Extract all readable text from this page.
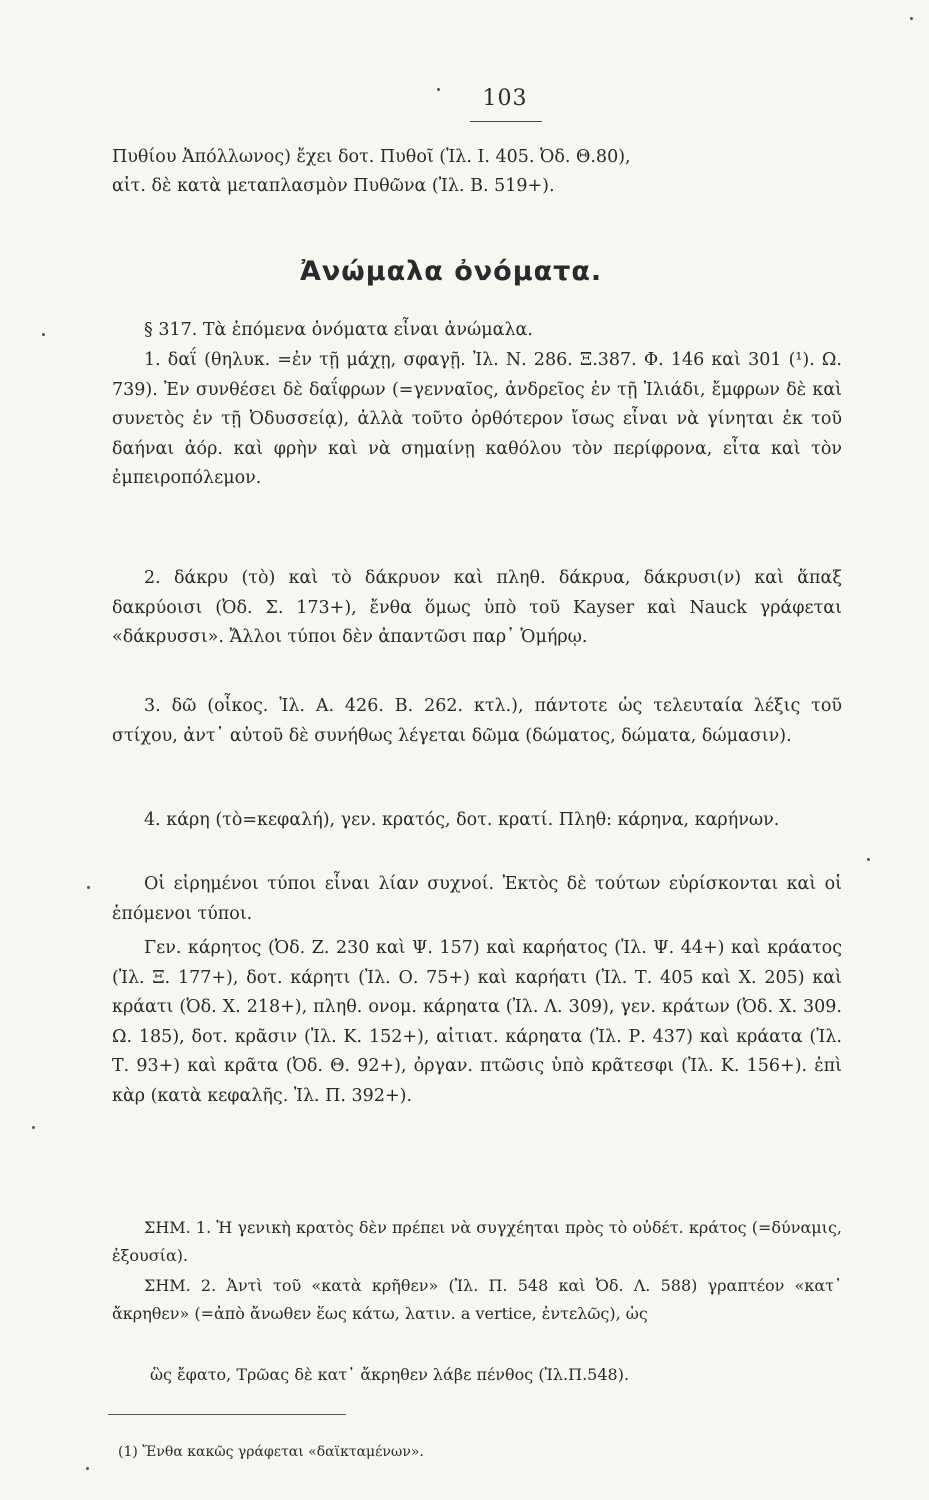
103

Πυθίου Ἀπόλλωνος) ἔχει δοτ. Πυθοῖ (Ἰλ. Ι. 405. Ὀδ. Θ.80),

αἰτ. δὲ κατὰ μεταπλασμὸν Πυθῶνα (Ἰλ. Β. 519+).

Ἀνώμαλα ὀνόματα.

§ 317. Τὰ ἑπόμενα ὀνόματα εἶναι ἀνώμαλα.

1. δαΐ (θηλυκ. =ἐν τῇ μάχῃ, σφαγῇ. Ἰλ. Ν. 286. Ξ.387. Φ. 146 καὶ 301 (¹). Ω. 739). Ἐν συνθέσει δὲ δαΐφρων (=γενναῖος, ἀνδρεῖος ἐν τῇ Ἰλιάδι, ἔμφρων δὲ καὶ συνετὸς ἐν τῇ Ὀδυσσείᾳ), ἀλλὰ τοῦτο ὀρθότερον ἴσως εἶναι νὰ γίνηται ἐκ τοῦ δαήναι ἀόρ. καὶ φρὴν καὶ νὰ σημαίνῃ καθόλου τὸν περίφρονα, εἶτα καὶ τὸν ἐμπειροπόλεμον.

2. δάκρυ (τὸ) καὶ τὸ δάκρυον καὶ πληθ. δάκρυα, δάκρυσι(ν) καὶ ἅπαξ δακρύοισι (Ὀδ. Σ. 173+), ἔνθα ὅμως ὑπὸ τοῦ Kayser καὶ Nauck γράφεται «δάκρυσσι». Ἄλλοι τύποι δὲν ἀπαντῶσι παρ᾽ Ὁμήρῳ.

3. δῶ (οἶκος. Ἰλ. Α. 426. Β. 262. κτλ.), πάντοτε ὡς τελευταία λέξις τοῦ στίχου, ἀντ᾽ αὐτοῦ δὲ συνήθως λέγεται δῶμα (δώματος, δώματα, δώμασιν).

4. κάρη (τὸ=κεφαλή), γεν. κρατός, δοτ. κρατί. Πληθ: κάρηνα, καρήνων.

Οἱ εἰρημένοι τύποι εἶναι λίαν συχνοί. Ἐκτὸς δὲ τούτων εὑρίσκονται καὶ οἱ ἑπόμενοι τύποι.

Γεν. κάρητος (Ὀδ. Ζ. 230 καὶ Ψ. 157) καὶ καρήατος (Ἰλ. Ψ. 44+) καὶ κράατος (Ἰλ. Ξ. 177+), δοτ. κάρητι (Ἰλ. Ο. 75+) καὶ καρήατι (Ἰλ. Τ. 405 καὶ Χ. 205) καὶ κράατι (Ὀδ. Χ. 218+), πληθ. ονομ. κάρηατα (Ἰλ. Λ. 309), γεν. κράτων (Ὀδ. Χ. 309. Ω. 185), δοτ. κρᾶσιν (Ἰλ. Κ. 152+), αἰτιατ. κάρηατα (Ἰλ. Ρ. 437) καὶ κράατα (Ἰλ. Τ. 93+) καὶ κρᾶτα (Ὀδ. Θ. 92+), ὀργαν. πτῶσις ὑπὸ κρᾶτεσφι (Ἰλ. Κ. 156+). ἐπὶ κὰρ (κατὰ κεφαλῆς. Ἰλ. Π. 392+).

ΣΗΜ. 1. Ἡ γενικὴ κρατὸς δὲν πρέπει νὰ συγχέηται πρὸς τὸ οὐδέτ. κράτος (=δύναμις, ἐξουσία).

ΣΗΜ. 2. Ἀντὶ τοῦ «κατὰ κρῆθεν» (Ἰλ. Π. 548 καὶ Ὀδ. Λ. 588) γραπτέον «κατ᾽ ἄκρηθεν» (=ἀπὸ ἄνωθεν ἕως κάτω, λατιν. a vertice, ἐντελῶς), ὡς

ὣς ἔφατο, Τρῶας δὲ κατ᾽ ἄκρηθεν λάβε πένθος (Ἰλ.Π.548).

(1) Ἔνθα κακῶς γράφεται «δαϊκταμένων».
